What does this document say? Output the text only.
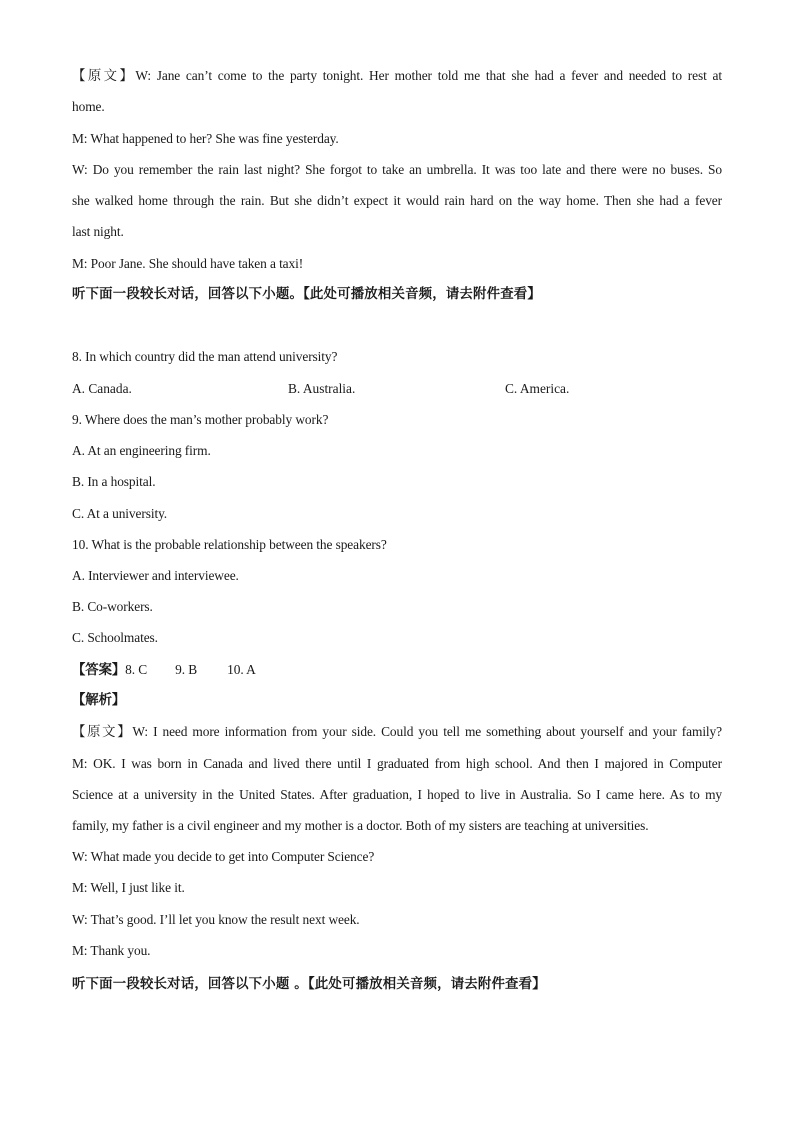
【原文】W: Jane can’t come to the party tonight. Her mother told me that she had a fever and needed to rest at
home.
M: What happened to her? She was fine yesterday.
W: Do you remember the rain last night? She forgot to take an umbrella. It was too late and there were no buses. So
she walked home through the rain. But she didn’t expect it would rain hard on the way home. Then she had a fever
last night.
M: Poor Jane. She should have taken a taxi!
听下面一段较长对话，回答以下小题。【此处可播放相关音频，请去附件查看】
8. In which country did the man attend university?
A. Canada.	B. Australia.	C. America.
9. Where does the man’s mother probably work?
A. At an engineering firm.
B. In a hospital.
C. At a university.
10. What is the probable relationship between the speakers?
A. Interviewer and interviewee.
B. Co-workers.
C. Schoolmates.
【答案】8. C 9. B 10. A
【解析】
【原文】W: I need more information from your side. Could you tell me something about yourself and your family?
M: OK. I was born in Canada and lived there until I graduated from high school. And then I majored in Computer
Science at a university in the United States. After graduation, I hoped to live in Australia. So I came here. As to my
family, my father is a civil engineer and my mother is a doctor. Both of my sisters are teaching at universities.
W: What made you decide to get into Computer Science?
M: Well, I just like it.
W: That’s good. I’ll let you know the result next week.
M: Thank you.
听下面一段较长对话，回答以下小题 。【此处可播放相关音频，请去附件查看】
